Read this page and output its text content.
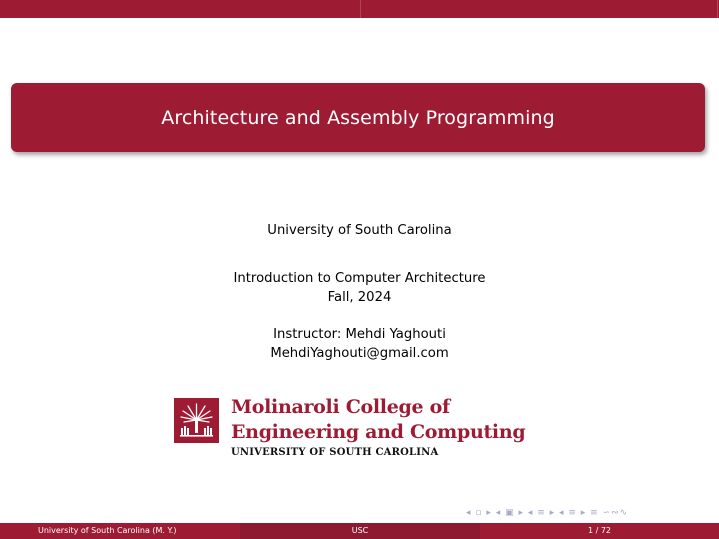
Architecture and Assembly Programming
University of South Carolina
Introduction to Computer Architecture
Fall, 2024
Instructor: Mehdi Yaghouti
MehdiYaghouti@gmail.com
Molinaroli College of
Engineering and Computing
UNIVERSITY OF SOUTH CAROLINA
◂ ▫ ▸ ◂ ▣ ▸ ◂ ≡ ▸ ◂ ≡ ▸ ≡ ∽∾∿
University of South Carolina (M. Y.)	USC	1 / 72
